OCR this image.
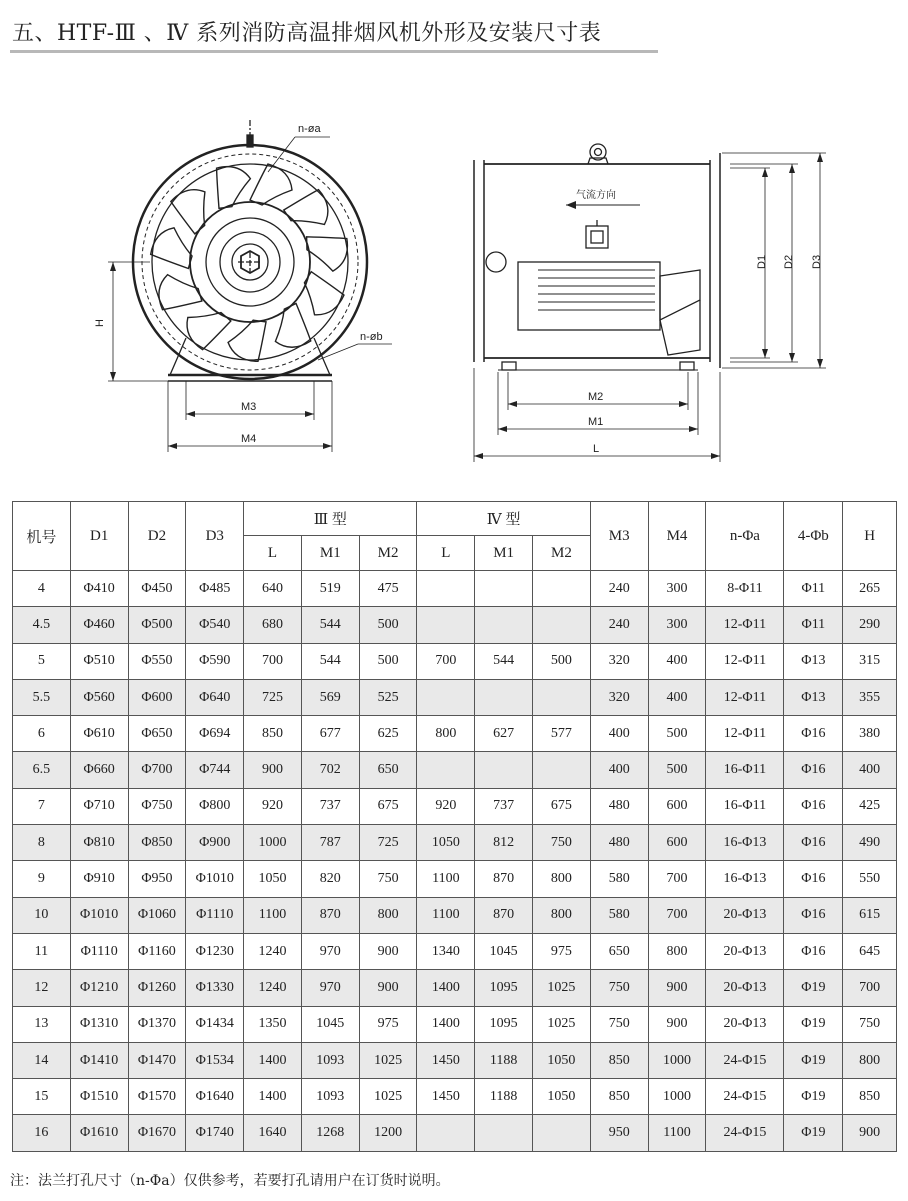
五、HTF-Ⅲ 、Ⅳ 系列消防高温排烟风机外形及安装尺寸表
n-øa
n-øb
H
M3
M4
气流方向
D1 D2 D3
M2
M1
L
机号	D1	D2	D3	Ⅲ 型			Ⅳ 型			M3	M4	n-Φa	4-Φb	H
				L	M1	M2	L	M1	M2					
4	Φ410	Φ450	Φ485	640	519	475				240	300	8-Φ11	Φ11	265
4.5	Φ460	Φ500	Φ540	680	544	500				240	300	12-Φ11	Φ11	290
5	Φ510	Φ550	Φ590	700	544	500	700	544	500	320	400	12-Φ11	Φ13	315
5.5	Φ560	Φ600	Φ640	725	569	525				320	400	12-Φ11	Φ13	355
6	Φ610	Φ650	Φ694	850	677	625	800	627	577	400	500	12-Φ11	Φ16	380
6.5	Φ660	Φ700	Φ744	900	702	650				400	500	16-Φ11	Φ16	400
7	Φ710	Φ750	Φ800	920	737	675	920	737	675	480	600	16-Φ11	Φ16	425
8	Φ810	Φ850	Φ900	1000	787	725	1050	812	750	480	600	16-Φ13	Φ16	490
9	Φ910	Φ950	Φ1010	1050	820	750	1100	870	800	580	700	16-Φ13	Φ16	550
10	Φ1010	Φ1060	Φ1110	1100	870	800	1100	870	800	580	700	20-Φ13	Φ16	615
11	Φ1110	Φ1160	Φ1230	1240	970	900	1340	1045	975	650	800	20-Φ13	Φ16	645
12	Φ1210	Φ1260	Φ1330	1240	970	900	1400	1095	1025	750	900	20-Φ13	Φ19	700
13	Φ1310	Φ1370	Φ1434	1350	1045	975	1400	1095	1025	750	900	20-Φ13	Φ19	750
14	Φ1410	Φ1470	Φ1534	1400	1093	1025	1450	1188	1050	850	1000	24-Φ15	Φ19	800
15	Φ1510	Φ1570	Φ1640	1400	1093	1025	1450	1188	1050	850	1000	24-Φ15	Φ19	850
16	Φ1610	Φ1670	Φ1740	1640	1268	1200				950	1100	24-Φ15	Φ19	900
注：法兰打孔尺寸（n-Φa）仅供参考，若要打孔请用户在订货时说明。
